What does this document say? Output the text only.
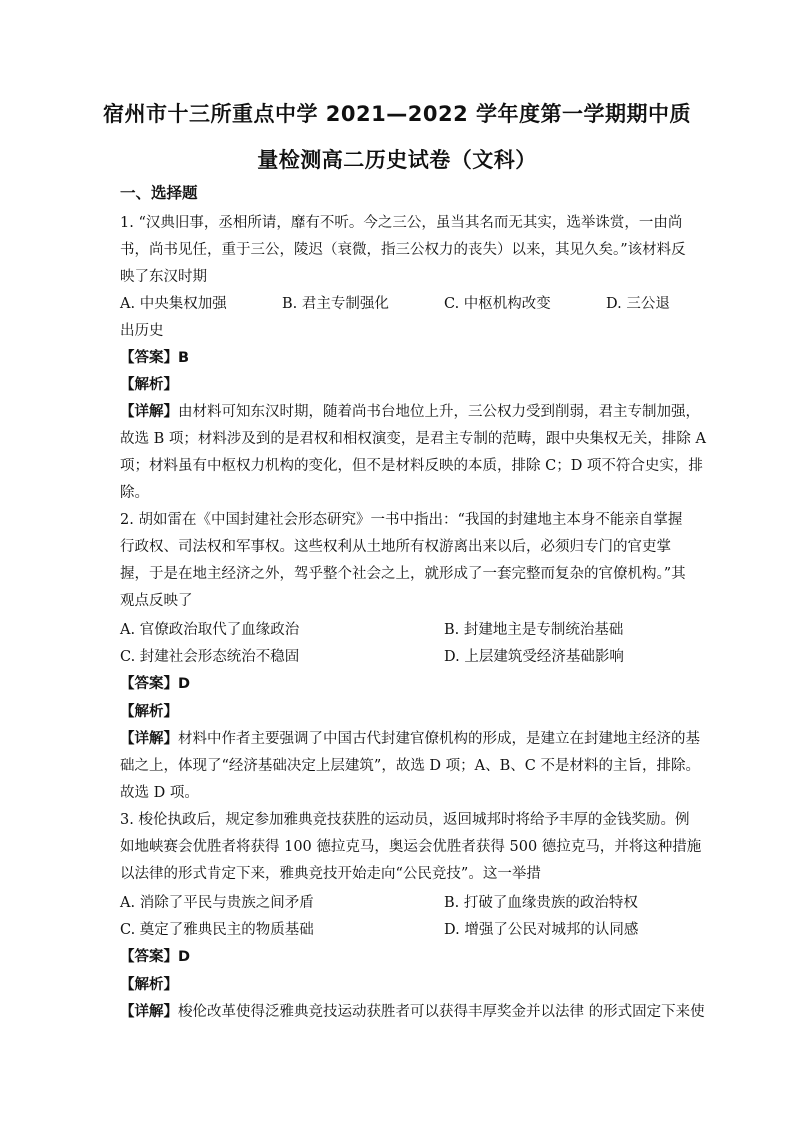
宿州市十三所重点中学 2021—2022 学年度第一学期期中质
量检测高二历史试卷（文科）
一、选择题
1. “汉典旧事，丞相所请，靡有不听。今之三公，虽当其名而无其实，选举诛赏，一由尚
书，尚书见任，重于三公，陵迟（衰微，指三公权力的丧失）以来，其见久矣。”该材料反
映了东汉时期
A. 中央集权加强	B. 君主专制强化	C. 中枢机构改变	D. 三公退
出历史
【答案】B
【解析】
【详解】由材料可知东汉时期，随着尚书台地位上升，三公权力受到削弱，君主专制加强，
故选 B 项；材料涉及到的是君权和相权演变，是君主专制的范畴，跟中央集权无关，排除 A
项；材料虽有中枢权力机构的变化，但不是材料反映的本质，排除 C；D 项不符合史实，排
除。
2. 胡如雷在《中国封建社会形态研究》一书中指出：“我国的封建地主本身不能亲自掌握
行政权、司法权和军事权。这些权利从土地所有权游离出来以后，必须归专门的官吏掌
握，于是在地主经济之外，驾乎整个社会之上，就形成了一套完整而复杂的官僚机构。”其
观点反映了
A. 官僚政治取代了血缘政治	B. 封建地主是专制统治基础
C. 封建社会形态统治不稳固	D. 上层建筑受经济基础影响
【答案】D
【解析】
【详解】材料中作者主要强调了中国古代封建官僚机构的形成，是建立在封建地主经济的基
础之上，体现了“经济基础决定上层建筑”，故选 D 项；A、B、C 不是材料的主旨，排除。
故选 D 项。
3. 梭伦执政后，规定参加雅典竞技获胜的运动员，返回城邦时将给予丰厚的金钱奖励。例
如地峡赛会优胜者将获得 100 德拉克马，奥运会优胜者获得 500 德拉克马，并将这种措施
以法律的形式肯定下来，雅典竞技开始走向“公民竞技”。这一举措
A. 消除了平民与贵族之间矛盾	B. 打破了血缘贵族的政治特权
C. 奠定了雅典民主的物质基础	D. 增强了公民对城邦的认同感
【答案】D
【解析】
【详解】梭伦改革使得泛雅典竞技运动获胜者可以获得丰厚奖金并以法律 的形式固定下来使
